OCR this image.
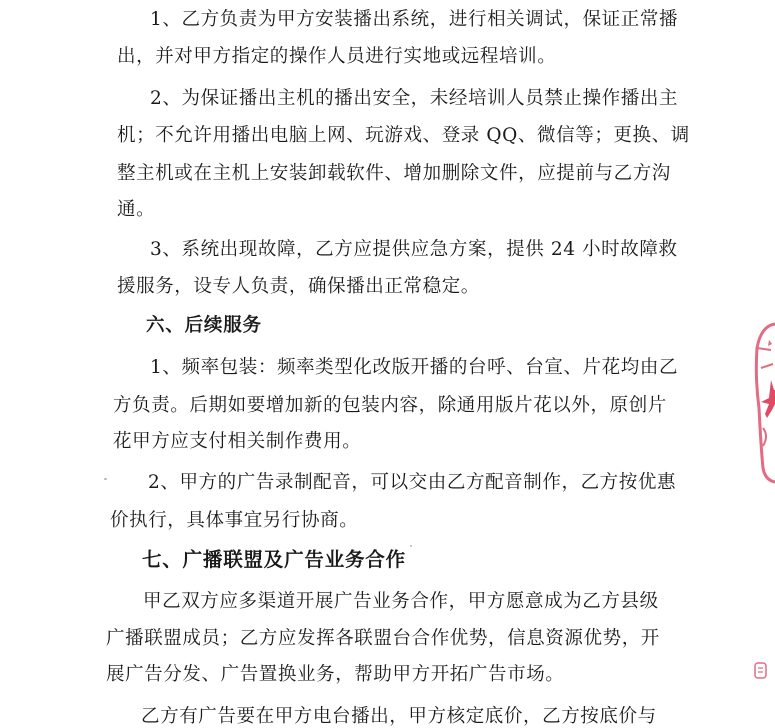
1、乙方负责为甲方安装播出系统，进行相关调试，保证正常播
出，并对甲方指定的操作人员进行实地或远程培训。
2、为保证播出主机的播出安全，未经培训人员禁止操作播出主
机；不允许用播出电脑上网、玩游戏、登录 QQ、微信等；更换、调
整主机或在主机上安装卸载软件、增加删除文件，应提前与乙方沟
通。
3、系统出现故障，乙方应提供应急方案，提供 24 小时故障救
援服务，设专人负责，确保播出正常稳定。
六、后续服务
1、频率包装：频率类型化改版开播的台呼、台宣、片花均由乙
方负责。后期如要增加新的包装内容，除通用版片花以外，原创片
花甲方应支付相关制作费用。
2、甲方的广告录制配音，可以交由乙方配音制作，乙方按优惠
价执行，具体事宜另行协商。
七、广播联盟及广告业务合作
甲乙双方应多渠道开展广告业务合作，甲方愿意成为乙方县级
广播联盟成员；乙方应发挥各联盟台合作优势，信息资源优势，开
展广告分发、广告置换业务，帮助甲方开拓广告市场。
乙方有广告要在甲方电台播出，甲方核定底价，乙方按底价与
